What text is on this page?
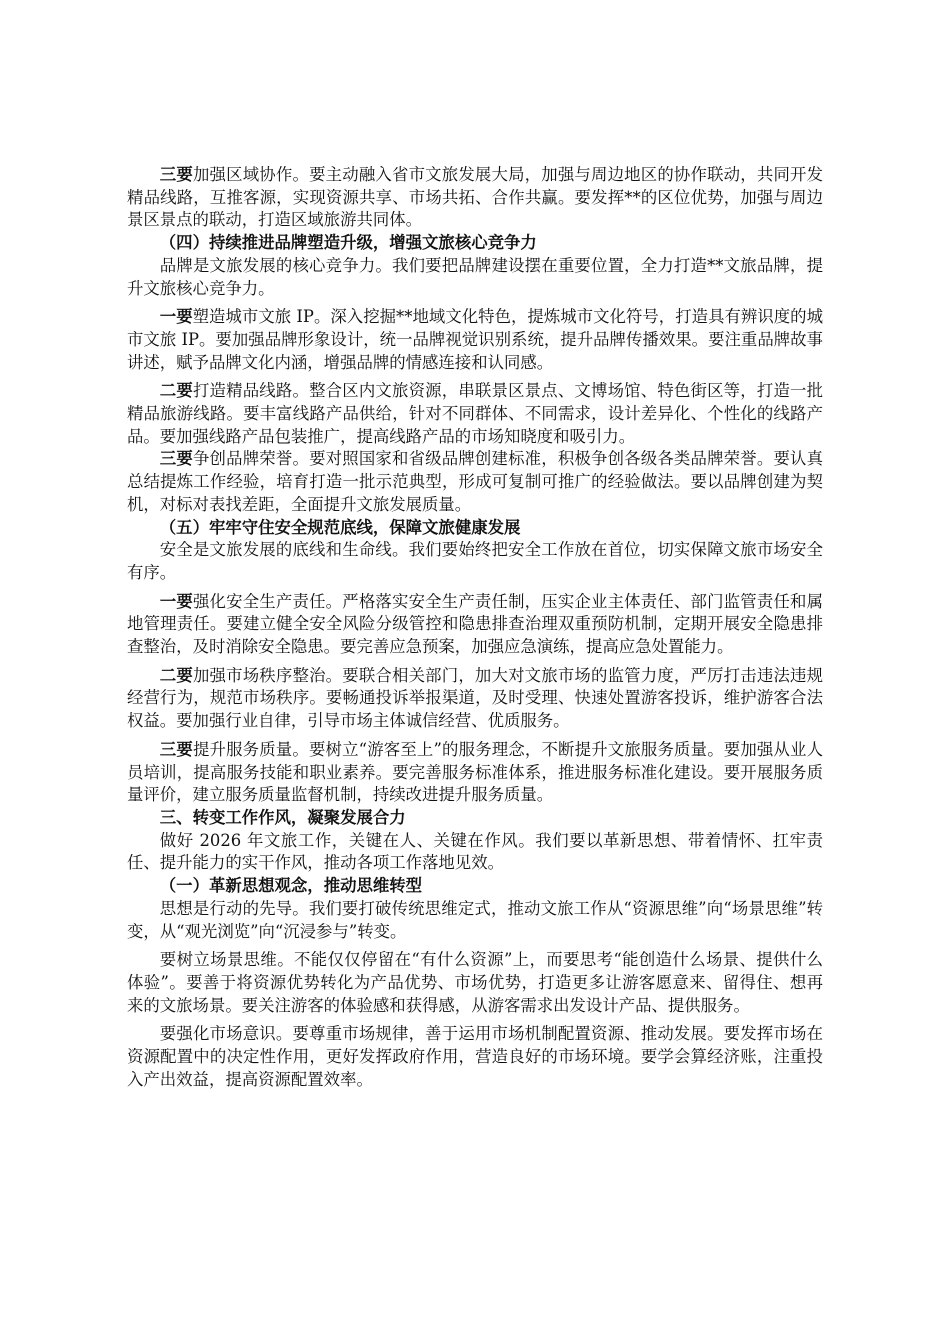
三要加强区域协作。要主动融入省市文旅发展大局，加强与周边地区的协作联动，共同开发精品线路，互推客源，实现资源共享、市场共拓、合作共赢。要发挥**的区位优势，加强与周边景区景点的联动，打造区域旅游共同体。

（四）持续推进品牌塑造升级，增强文旅核心竞争力

品牌是文旅发展的核心竞争力。我们要把品牌建设摆在重要位置，全力打造**文旅品牌，提升文旅核心竞争力。

一要塑造城市文旅 IP。深入挖掘**地域文化特色，提炼城市文化符号，打造具有辨识度的城市文旅 IP。要加强品牌形象设计，统一品牌视觉识别系统，提升品牌传播效果。要注重品牌故事讲述，赋予品牌文化内涵，增强品牌的情感连接和认同感。

二要打造精品线路。整合区内文旅资源，串联景区景点、文博场馆、特色街区等，打造一批精品旅游线路。要丰富线路产品供给，针对不同群体、不同需求，设计差异化、个性化的线路产品。要加强线路产品包装推广，提高线路产品的市场知晓度和吸引力。

三要争创品牌荣誉。要对照国家和省级品牌创建标准，积极争创各级各类品牌荣誉。要认真总结提炼工作经验，培育打造一批示范典型，形成可复制可推广的经验做法。要以品牌创建为契机，对标对表找差距，全面提升文旅发展质量。

（五）牢牢守住安全规范底线，保障文旅健康发展

安全是文旅发展的底线和生命线。我们要始终把安全工作放在首位，切实保障文旅市场安全有序。

一要强化安全生产责任。严格落实安全生产责任制，压实企业主体责任、部门监管责任和属地管理责任。要建立健全安全风险分级管控和隐患排查治理双重预防机制，定期开展安全隐患排查整治，及时消除安全隐患。要完善应急预案，加强应急演练，提高应急处置能力。

二要加强市场秩序整治。要联合相关部门，加大对文旅市场的监管力度，严厉打击违法违规经营行为，规范市场秩序。要畅通投诉举报渠道，及时受理、快速处置游客投诉，维护游客合法权益。要加强行业自律，引导市场主体诚信经营、优质服务。

三要提升服务质量。要树立“游客至上”的服务理念，不断提升文旅服务质量。要加强从业人员培训，提高服务技能和职业素养。要完善服务标准体系，推进服务标准化建设。要开展服务质量评价，建立服务质量监督机制，持续改进提升服务质量。

三、转变工作作风，凝聚发展合力

做好 2026 年文旅工作，关键在人、关键在作风。我们要以革新思想、带着情怀、扛牢责任、提升能力的实干作风，推动各项工作落地见效。

（一）革新思想观念，推动思维转型

思想是行动的先导。我们要打破传统思维定式，推动文旅工作从“资源思维”向“场景思维”转变，从“观光浏览”向“沉浸参与”转变。

要树立场景思维。不能仅仅停留在“有什么资源”上，而要思考“能创造什么场景、提供什么体验”。要善于将资源优势转化为产品优势、市场优势，打造更多让游客愿意来、留得住、想再来的文旅场景。要关注游客的体验感和获得感，从游客需求出发设计产品、提供服务。

要强化市场意识。要尊重市场规律，善于运用市场机制配置资源、推动发展。要发挥市场在资源配置中的决定性作用，更好发挥政府作用，营造良好的市场环境。要学会算经济账，注重投入产出效益，提高资源配置效率。
